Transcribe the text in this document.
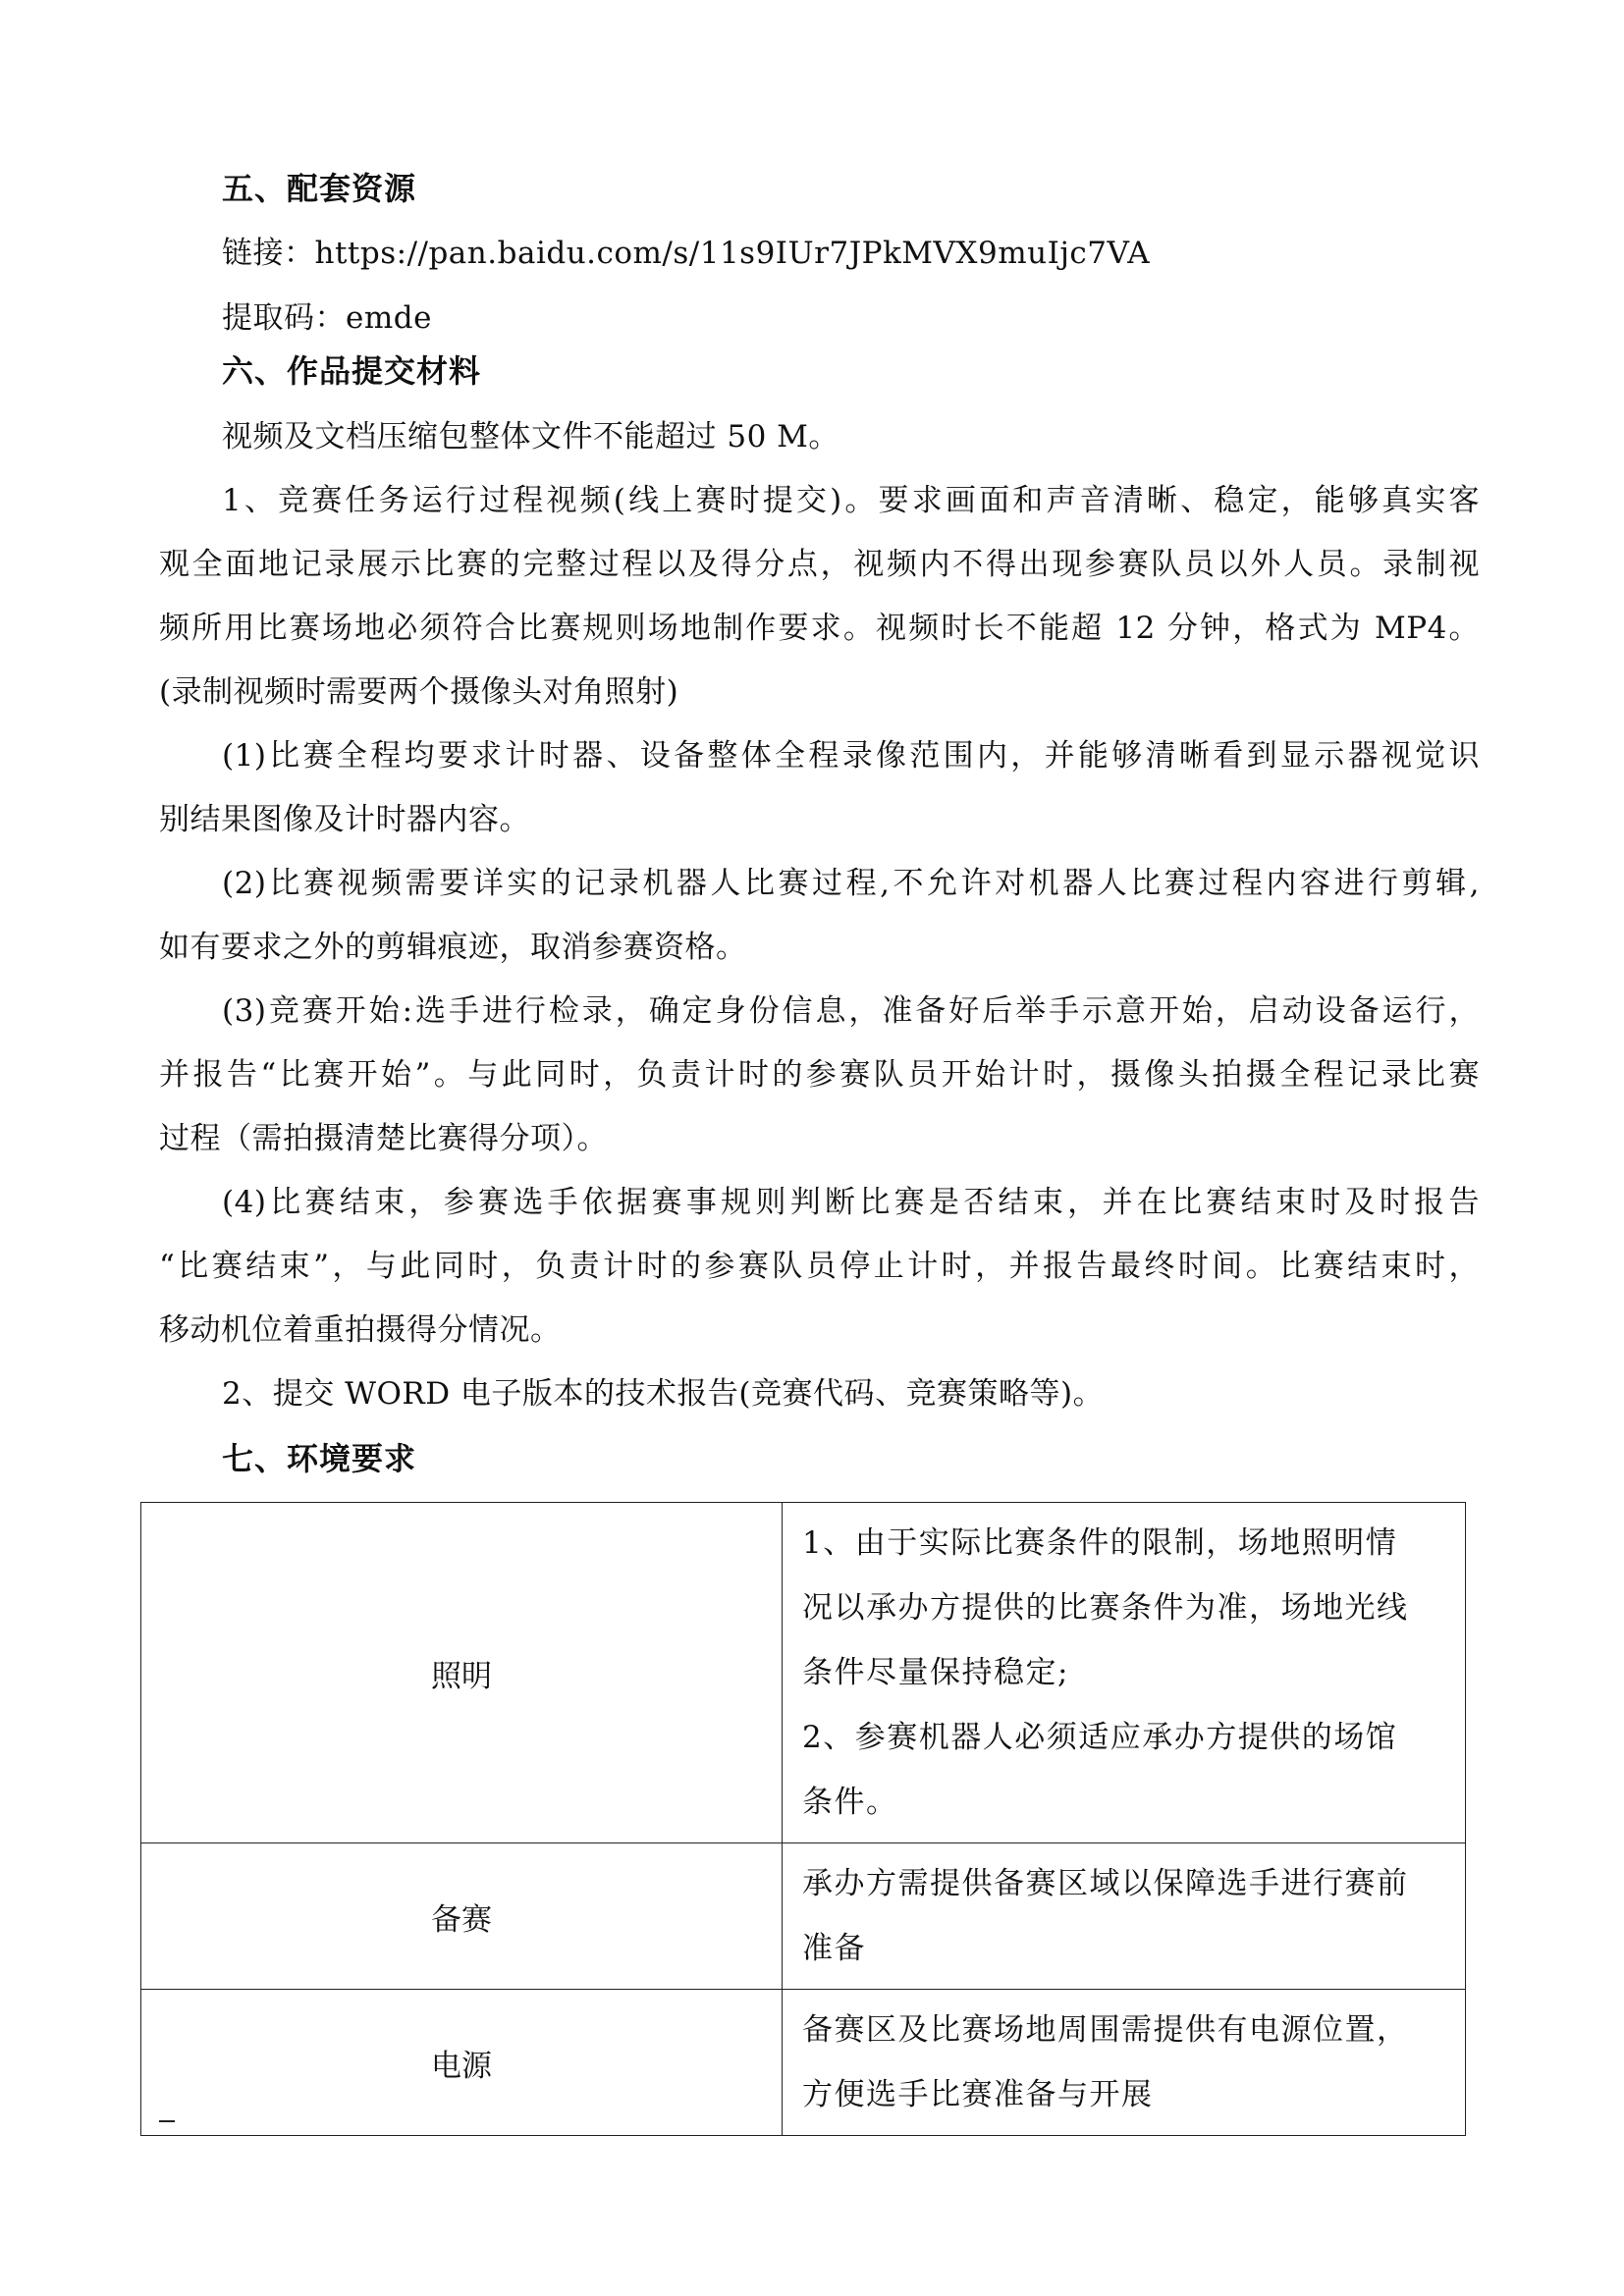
五、配套资源
链接：https://pan.baidu.com/s/11s9IUr7JPkMVX9muIjc7VA
提取码：emde
六、作品提交材料
视频及文档压缩包整体文件不能超过 50 M。
1、竞赛任务运行过程视频(线上赛时提交)。要求画面和声音清晰、稳定，能够真实客
观全面地记录展示比赛的完整过程以及得分点，视频内不得出现参赛队员以外人员。录制视
频所用比赛场地必须符合比赛规则场地制作要求。视频时长不能超 12 分钟，格式为 MP4。
(录制视频时需要两个摄像头对角照射)
(1)比赛全程均要求计时器、设备整体全程录像范围内，并能够清晰看到显示器视觉识
别结果图像及计时器内容。
(2)比赛视频需要详实的记录机器人比赛过程,不允许对机器人比赛过程内容进行剪辑,
如有要求之外的剪辑痕迹，取消参赛资格。
(3)竞赛开始:选手进行检录，确定身份信息，准备好后举手示意开始，启动设备运行，
并报告“比赛开始”。与此同时，负责计时的参赛队员开始计时，摄像头拍摄全程记录比赛
过程（需拍摄清楚比赛得分项）。
(4)比赛结束，参赛选手依据赛事规则判断比赛是否结束，并在比赛结束时及时报告
“比赛结束”，与此同时，负责计时的参赛队员停止计时，并报告最终时间。比赛结束时，
移动机位着重拍摄得分情况。
2、提交 WORD 电子版本的技术报告(竞赛代码、竞赛策略等)。
七、环境要求
照明	1、由于实际比赛条件的限制，场地照明情
况以承办方提供的比赛条件为准，场地光线
条件尽量保持稳定;
2、参赛机器人必须适应承办方提供的场馆
条件。

备赛	承办方需提供备赛区域以保障选手进行赛前
准备

电源	备赛区及比赛场地周围需提供有电源位置，
方便选手比赛准备与开展
